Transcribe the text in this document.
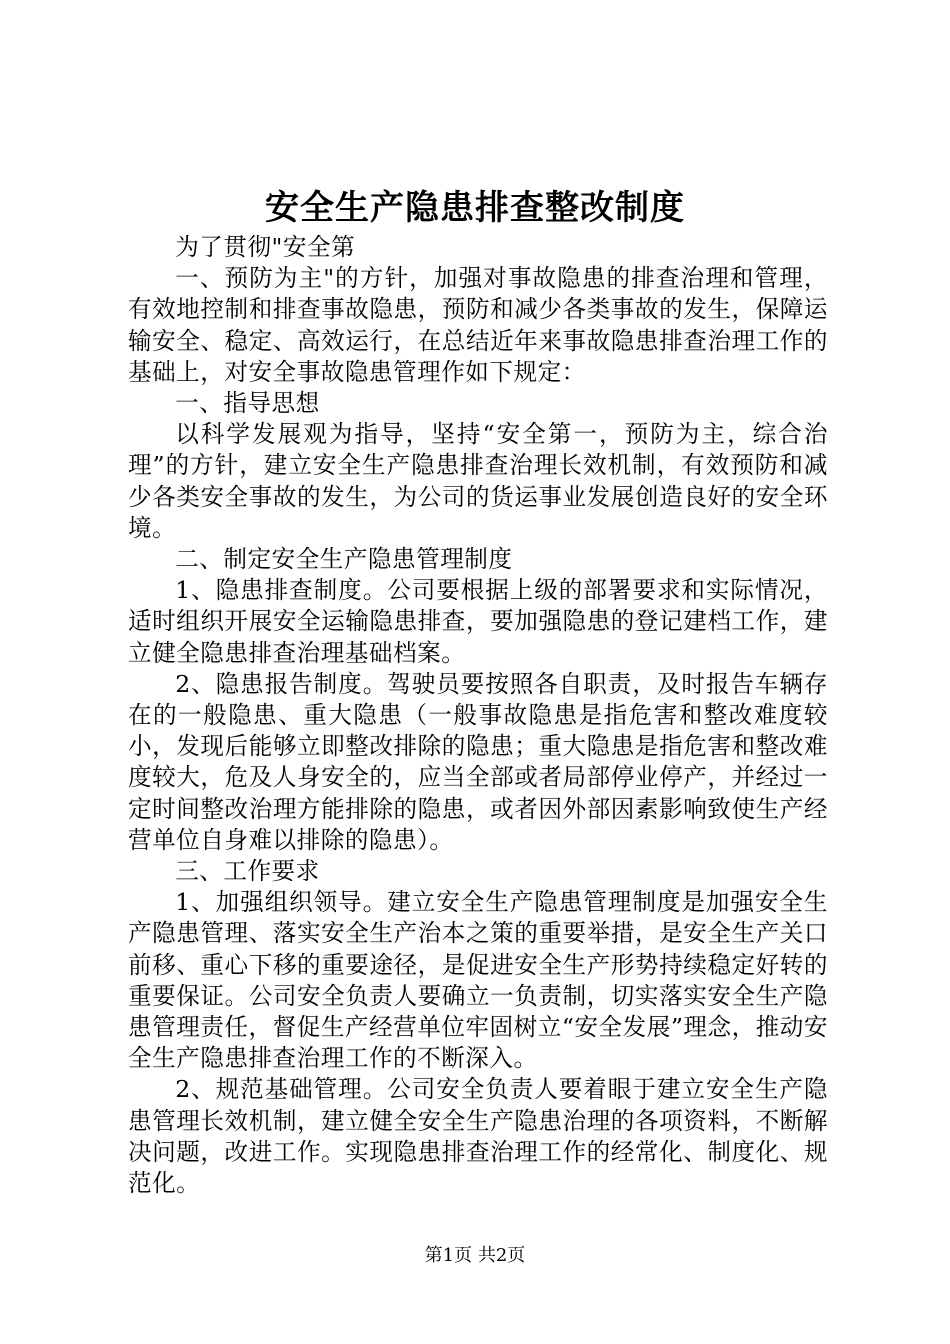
安全生产隐患排查整改制度

为了贯彻"安全第

一、预防为主"的方针，加强对事故隐患的排查治理和管理，有效地控制和排查事故隐患，预防和减少各类事故的发生，保障运输安全、稳定、高效运行，在总结近年来事故隐患排查治理工作的基础上，对安全事故隐患管理作如下规定：

一、指导思想

以科学发展观为指导，坚持“安全第一，预防为主，综合治理”的方针，建立安全生产隐患排查治理长效机制，有效预防和减少各类安全事故的发生，为公司的货运事业发展创造良好的安全环境。

二、制定安全生产隐患管理制度

1、隐患排查制度。公司要根据上级的部署要求和实际情况，适时组织开展安全运输隐患排查，要加强隐患的登记建档工作，建立健全隐患排查治理基础档案。

2、隐患报告制度。驾驶员要按照各自职责，及时报告车辆存在的一般隐患、重大隐患（一般事故隐患是指危害和整改难度较小，发现后能够立即整改排除的隐患；重大隐患是指危害和整改难度较大，危及人身安全的，应当全部或者局部停业停产，并经过一定时间整改治理方能排除的隐患，或者因外部因素影响致使生产经营单位自身难以排除的隐患）。

三、工作要求

1、加强组织领导。建立安全生产隐患管理制度是加强安全生产隐患管理、落实安全生产治本之策的重要举措，是安全生产关口前移、重心下移的重要途径，是促进安全生产形势持续稳定好转的重要保证。公司安全负责人要确立一负责制，切实落实安全生产隐患管理责任，督促生产经营单位牢固树立“安全发展”理念，推动安全生产隐患排查治理工作的不断深入。

2、规范基础管理。公司安全负责人要着眼于建立安全生产隐患管理长效机制，建立健全安全生产隐患治理的各项资料，不断解决问题，改进工作。实现隐患排查治理工作的经常化、制度化、规范化。

第1页 共2页
